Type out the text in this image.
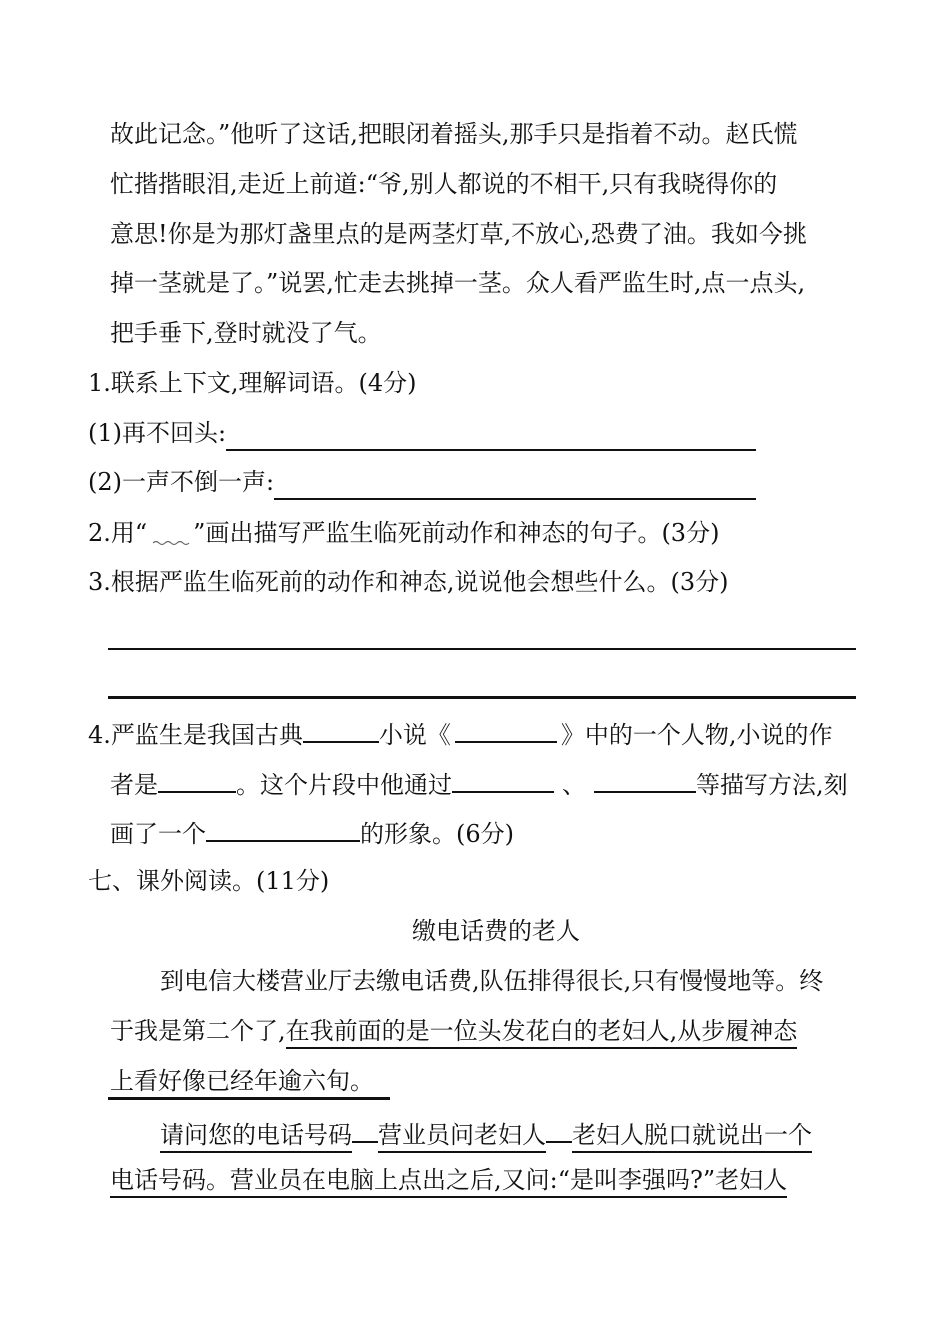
故此记念。”他听了这话,把眼闭着摇头,那手只是指着不动。赵氏慌
忙揩揩眼泪,走近上前道:“爷,别人都说的不相干,只有我晓得你的
意思!你是为那灯盏里点的是两茎灯草,不放心,恐费了油。我如今挑
掉一茎就是了。”说罢,忙走去挑掉一茎。众人看严监生时,点一点头,
把手垂下,登时就没了气。
1.联系上下文,理解词语。(4分)
(1)再不回头:
(2)一声不倒一声:
2.用“ ”画出描写严监生临死前动作和神态的句子。(3分)
3.根据严监生临死前的动作和神态,说说他会想些什么。(3分)
4.严监生是我国古典	小说《	》中的一个人物,小说的作
者是	。这个片段中他通过	、	等描写方法,刻
画了一个	的形象。(6分)
七、课外阅读。(11分)
缴电话费的老人
到电信大楼营业厅去缴电话费,队伍排得很长,只有慢慢地等。终
于我是第二个了,在我前面的是一位头发花白的老妇人,从步履神态
上看好像已经年逾六旬。
请问您的电话号码 营业员问老妇人 老妇人脱口就说出一个
电话号码。营业员在电脑上点出之后,又问:“是叫李强吗?”老妇人
